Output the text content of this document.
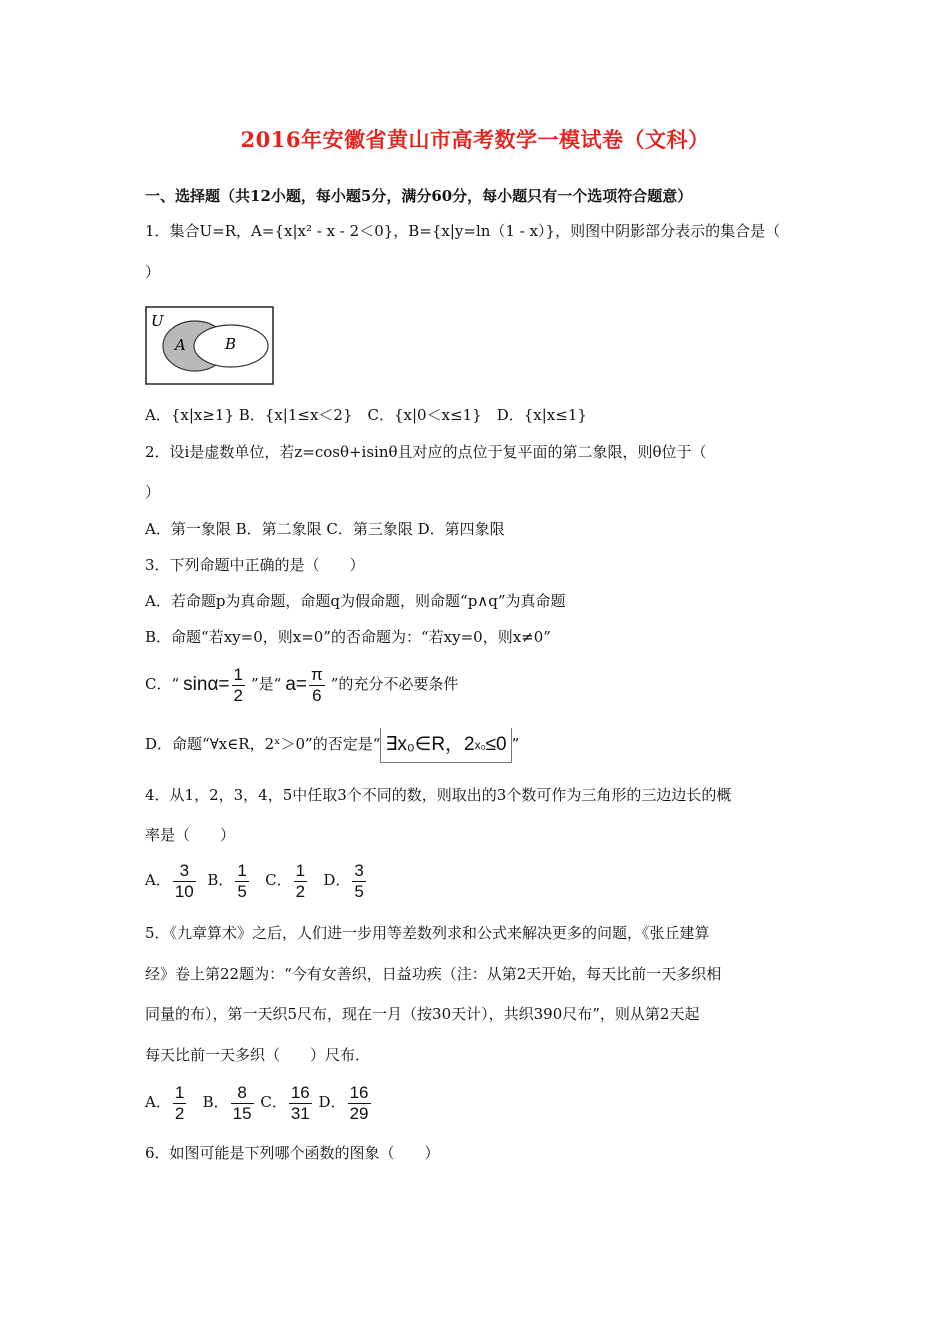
2016年安徽省黄山市高考数学一模试卷（文科）
一、选择题（共12小题，每小题5分，满分60分，每小题只有一个选项符合题意）
1．集合U=R，A={x|x² - x - 2＜0}，B={x|y=ln（1 - x）}，则图中阴影部分表示的集合是（
）
U
A	B
A．{x|x≥1} B．{x|1≤x＜2}　C．{x|0＜x≤1}　D．{x|x≤1}
2．设i是虚数单位，若z=cosθ+isinθ且对应的点位于复平面的第二象限，则θ位于（
）
A．第一象限 B．第二象限 C．第三象限 D．第四象限
3．下列命题中正确的是（　　）
A．若命题p为真命题，命题q为假命题，则命题“p∧q”为真命题
B．命题“若xy=0，则x=0”的否命题为：“若xy=0，则x≠0”
C．“ $\sin\alpha= \frac{1}{2}$ ”是“ $a= \frac{\pi}{6}$ ”的充分不必要条件
D．命题“∀x∈R，2ˣ＞0”的否定是“ ∃x₀∈R，2 x₀ ≤0 ”
4．从1，2，3，4，5中任取3个不同的数，则取出的3个数可作为三角形的三边边长的概
率是（　　）
A． $\frac{3}{10}$ B． $\frac{1}{5}$ C． $\frac{1}{2}$ D． $\frac{3}{5}$
5．《九章算术》之后，人们进一步用等差数列求和公式来解决更多的问题，《张丘建算
经》卷上第22题为：“今有女善织，日益功疾（注：从第2天开始，每天比前一天多织相
同量的布），第一天织5尺布，现在一月（按30天计），共织390尺布”，则从第2天起
每天比前一天多织（　　）尺布．
A． $\frac{1}{2}$ B． $\frac{8}{15}$ C． $\frac{16}{31}$ D． $\frac{16}{29}$
6．如图可能是下列哪个函数的图象（　　）
